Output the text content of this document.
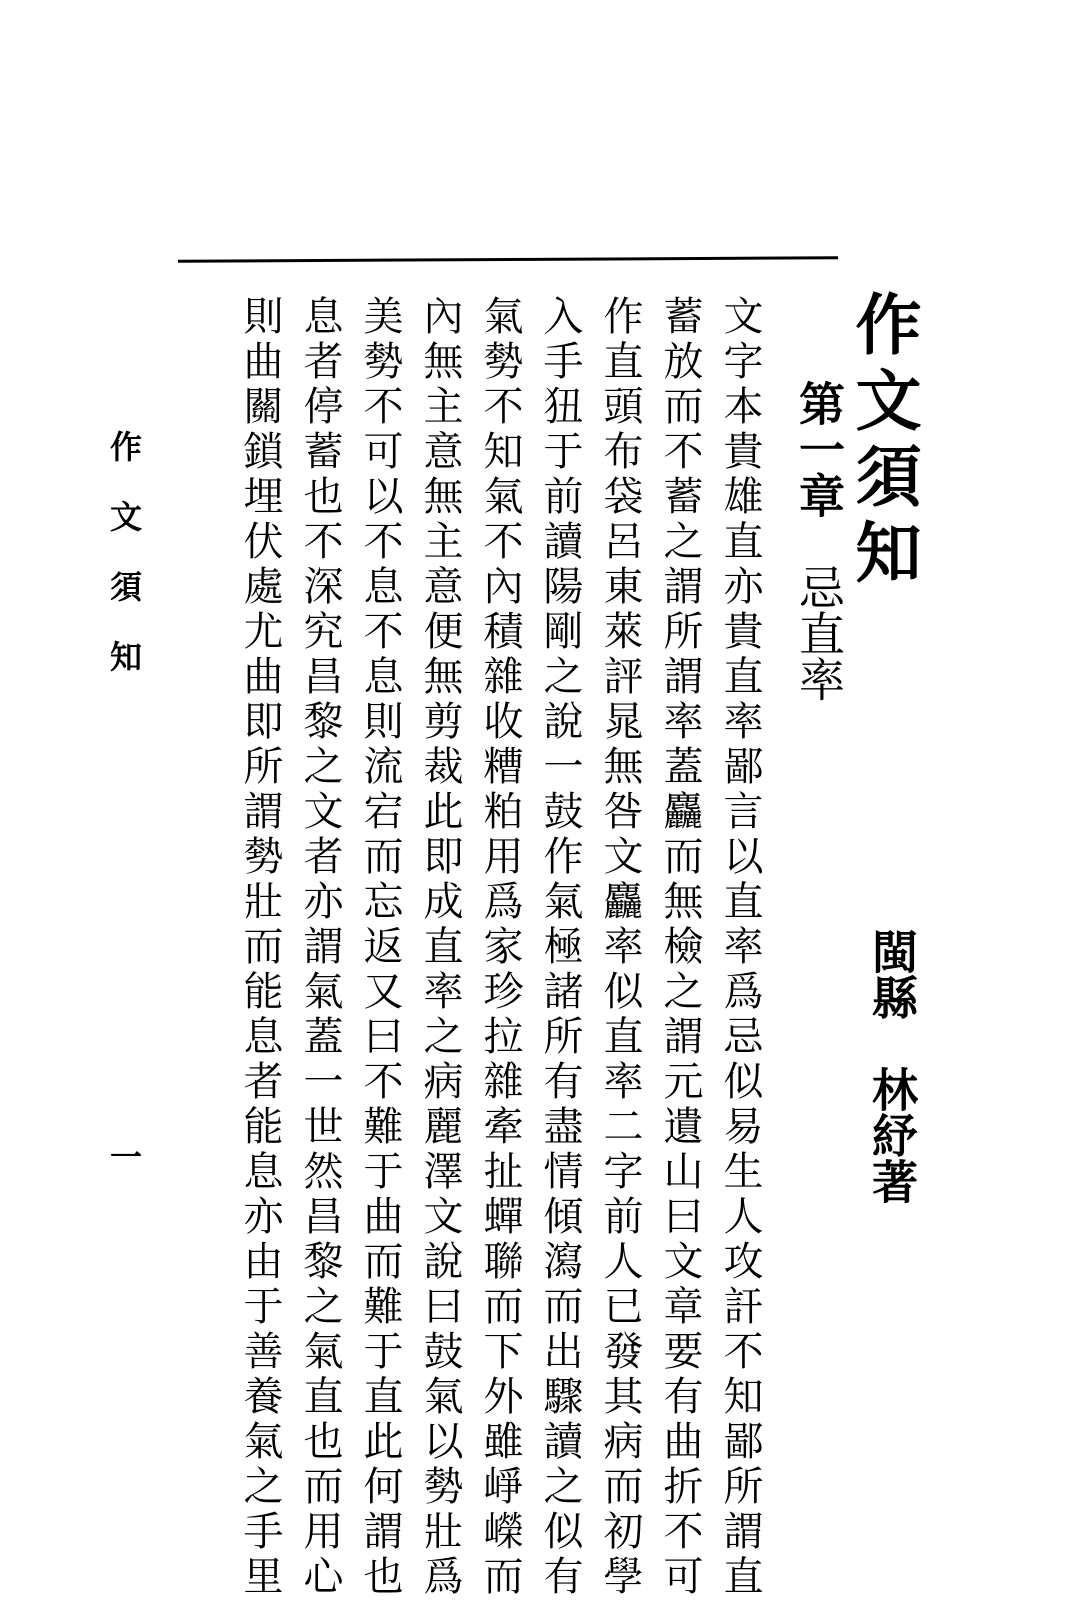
作文須知
閩縣　林紓著
第一章　忌直率
文字本貴雄直亦貴直率鄙言以直率爲忌似易生人攻訐不知鄙所謂直
蓄放而不蓄之謂所謂率蓋麤而無檢之謂元遺山曰文章要有曲折不可
作直頭布袋呂東萊評晁無咎文麤率似直率二字前人已發其病而初學
入手狃于前讀陽剛之說一鼓作氣極諸所有盡情傾瀉而出驟讀之似有
氣勢不知氣不內積雜收糟粕用爲家珍拉雜牽扯蟬聯而下外雖崢嶸而
內無主意無主意便無剪裁此即成直率之病麗澤文說曰鼓氣以勢壯爲
美勢不可以不息不息則流宕而忘返又曰不難于曲而難于直此何謂也
息者停蓄也不深究昌黎之文者亦謂氣蓋一世然昌黎之氣直也而用心
則曲關鎖埋伏處尤曲即所謂勢壯而能息者能息亦由于善養氣之手里
作文須知
一
